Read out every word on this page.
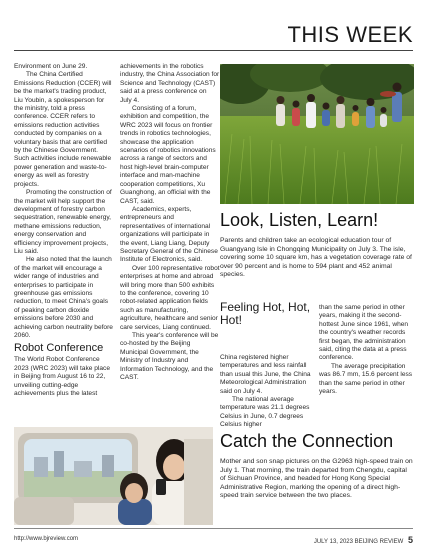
THIS WEEK

Environment on June 29.

The China Certified Emissions Reduction (CCER) will be the market's trading product, Liu Youbin, a spokesperson for the ministry, told a press conference. CCER refers to emissions reduction activities conducted by companies on a voluntary basis that are certified by the Chinese Government. Such activities include renewable power generation and waste-to-energy as well as forestry projects.

Promoting the construction of the market will help support the development of forestry carbon sequestration, renewable energy, methane emissions reduction, energy conservation and efficiency improvement projects, Liu said.

He also noted that the launch of the market will encourage a wider range of industries and enterprises to participate in greenhouse gas emissions reduction, to meet China's goals of peaking carbon dioxide emissions before 2030 and achieving carbon neutrality before 2060.

Robot Conference

The World Robot Conference 2023 (WRC 2023) will take place in Beijing from August 16 to 22, unveiling cutting-edge achievements plus the latest

achievements in the robotics industry, the China Association for Science and Technology (CAST) said at a press conference on July 4.

Consisting of a forum, exhibition and competition, the WRC 2023 will focus on frontier trends in robotics technologies, showcase the application scenarios of robotics innovations across a range of sectors and host high-level brain-computer interface and man-machine cooperation competitions, Xu Guanghong, an official with the CAST, said.

Academics, experts, entrepreneurs and representatives of international organizations will participate in the event, Liang Liang, Deputy Secretary General of the Chinese Institute of Electronics, said.

Over 100 representative robot enterprises at home and abroad will bring more than 500 exhibits to the conference, covering 10 robot-related application fields such as manufacturing, agriculture, healthcare and senior care services, Liang continued.

This year's conference will be co-hosted by the Beijing Municipal Government, the Ministry of Industry and Information Technology, and the CAST.

Look, Listen, Learn!
Parents and children take an ecological education tour of Guangyang Isle in Chongqing Municipality on July 3. The isle, covering some 10 square km, has a vegetation coverage rate of over 90 percent and is home to 594 plant and 452 animal species.
Feeling Hot, Hot, Hot!

China registered higher temperatures and less rainfall than usual this June, the China Meteorological Administration said on July 4.

The national average temperature was 21.1 degrees Celsius in June, 0.7 degrees Celsius higher

than the same period in other years, making it the second-hottest June since 1961, when the country's weather records first began, the administration said, citing the data at a press conference.

The average precipitation was 86.7 mm, 15.6 percent less than the same period in other years.

Catch the Connection
Mother and son snap pictures on the G2963 high-speed train on July 1. That morning, the train departed from Chengdu, capital of Sichuan Province, and headed for Hong Kong Special Administrative Region, marking the opening of a direct high-speed train service between the two places.
http://www.bjreview.com	JULY 13, 2023 BEIJING REVIEW 5
